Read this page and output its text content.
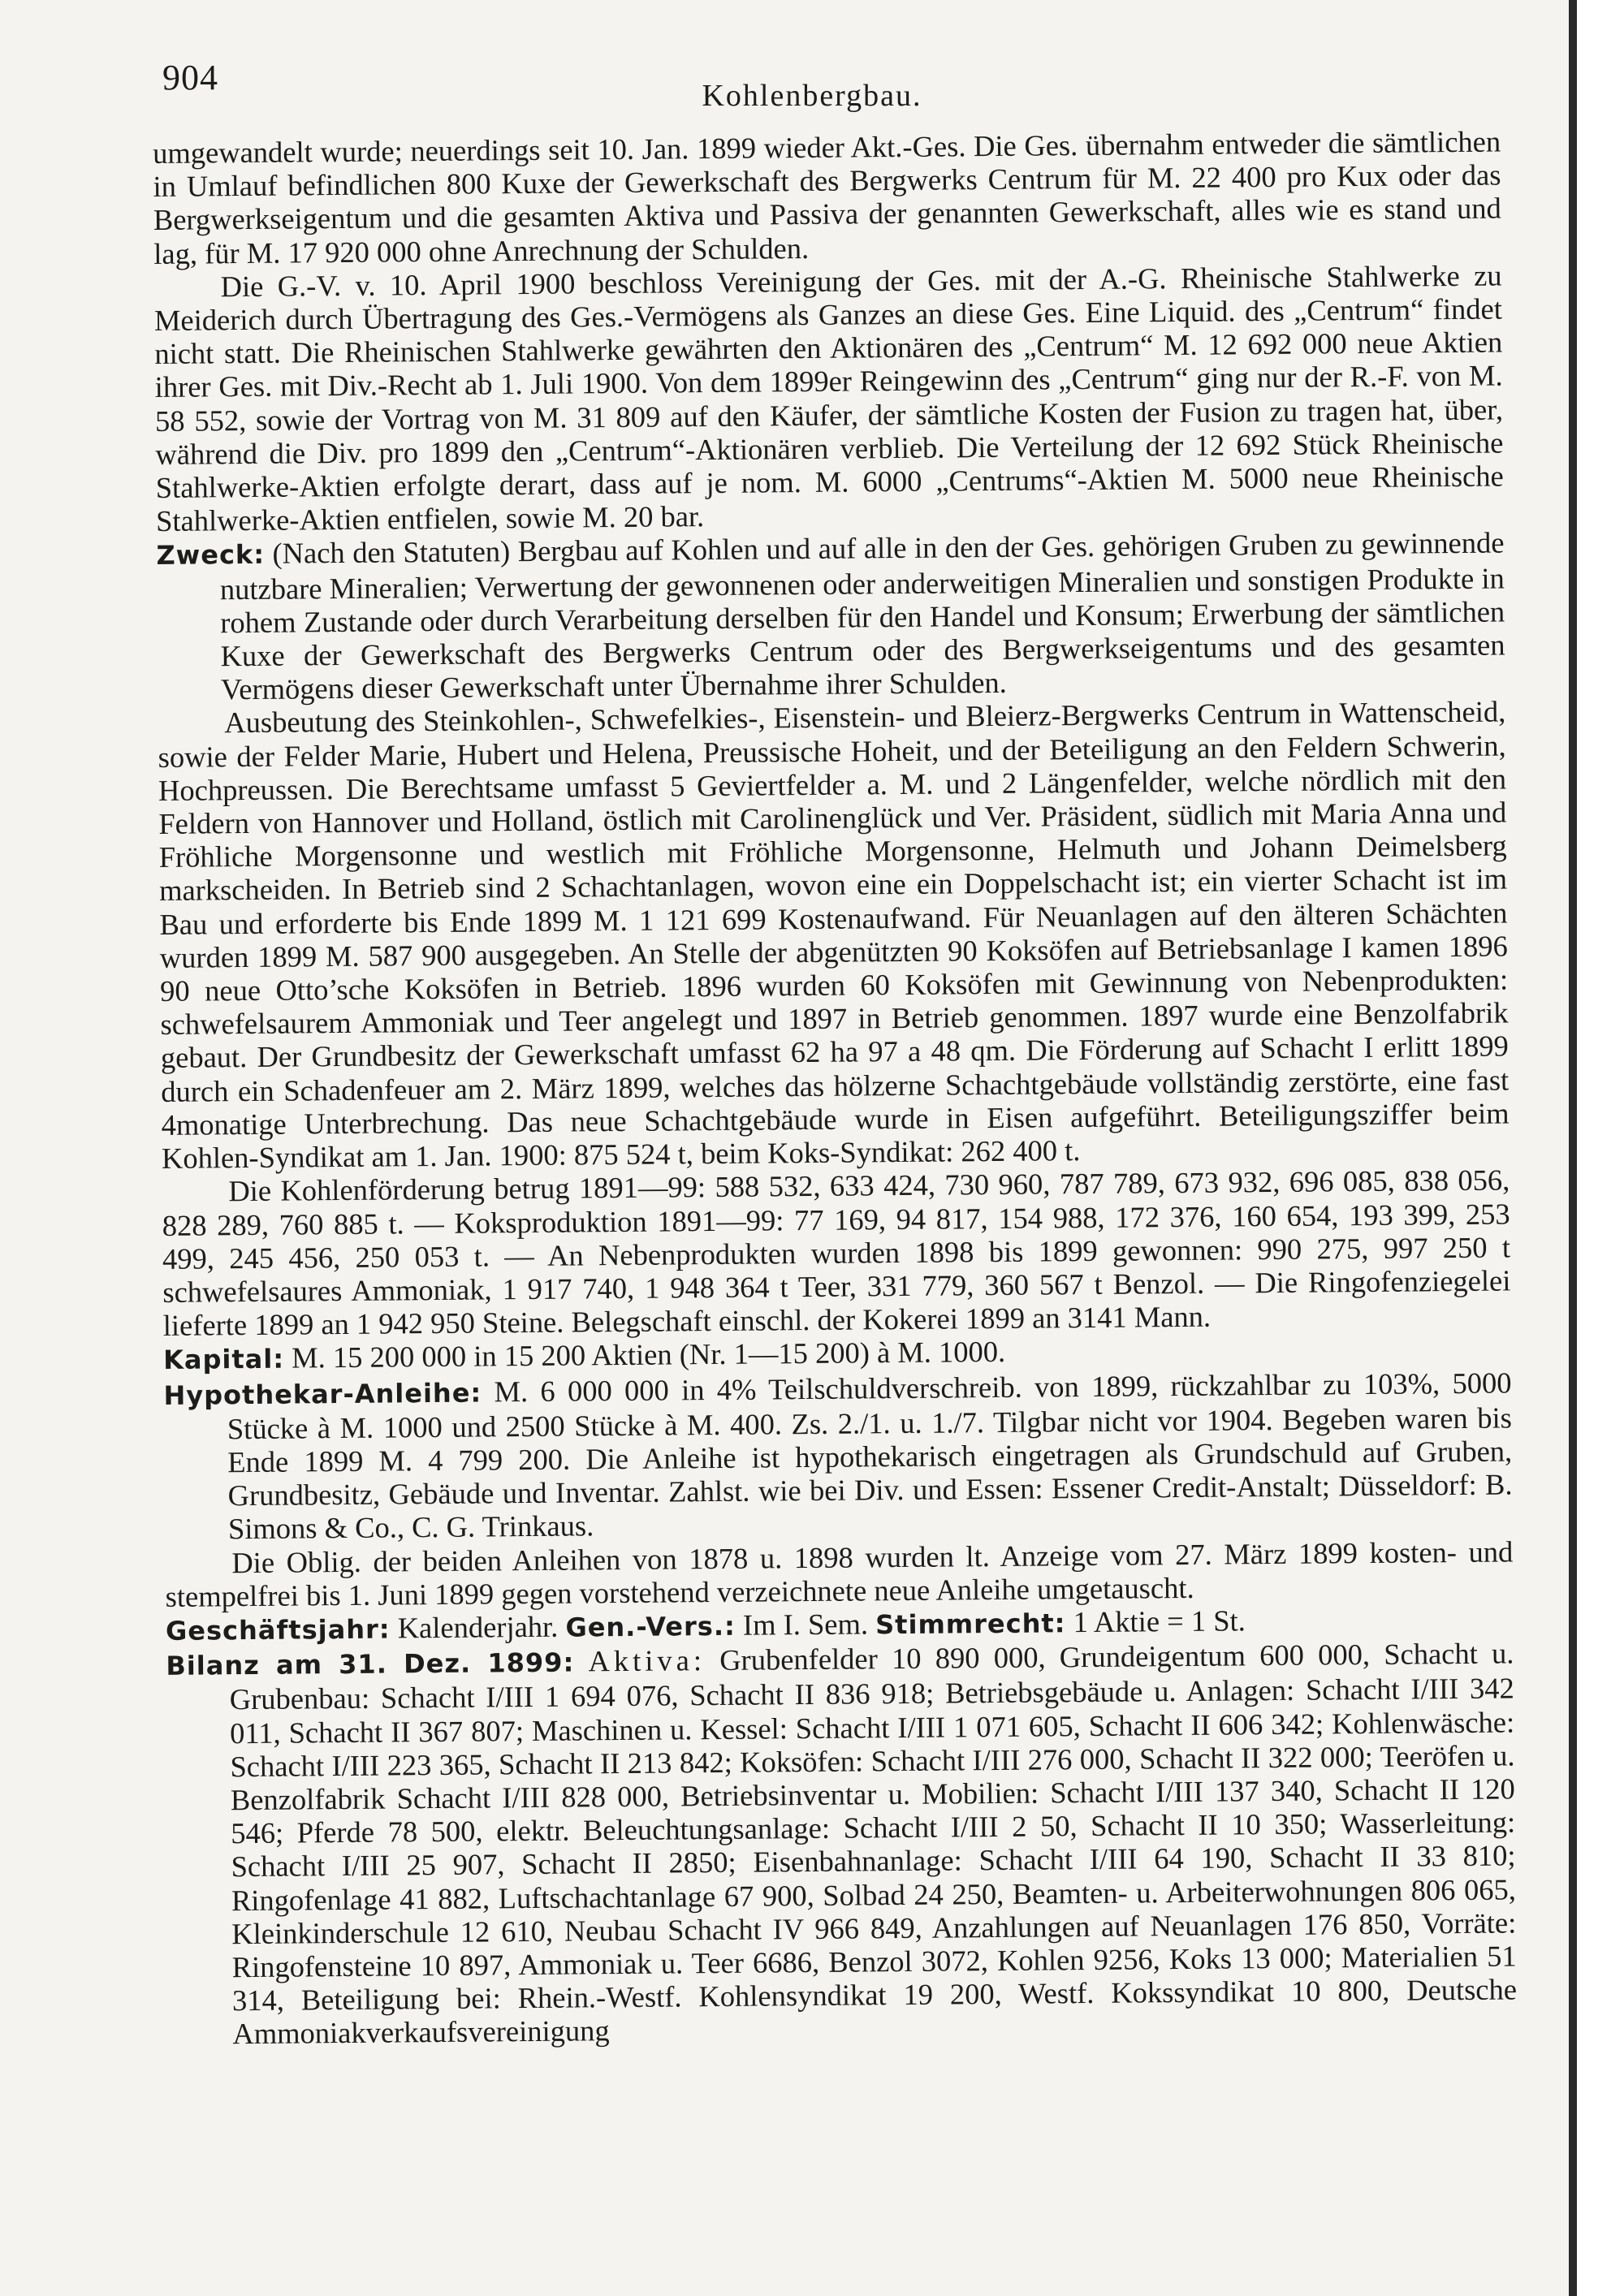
904	Kohlenbergbau.

umgewandelt wurde; neuerdings seit 10. Jan. 1899 wieder Akt.-Ges. Die Ges. übernahm entweder die sämtlichen in Umlauf befindlichen 800 Kuxe der Gewerkschaft des Bergwerks Centrum für M. 22 400 pro Kux oder das Bergwerkseigentum und die gesamten Aktiva und Passiva der genannten Gewerkschaft, alles wie es stand und lag, für M. 17 920 000 ohne Anrechnung der Schulden.

Die G.-V. v. 10. April 1900 beschloss Vereinigung der Ges. mit der A.-G. Rheinische Stahlwerke zu Meiderich durch Übertragung des Ges.-Vermögens als Ganzes an diese Ges. Eine Liquid. des „Centrum“ findet nicht statt. Die Rheinischen Stahlwerke gewährten den Aktionären des „Centrum“ M. 12 692 000 neue Aktien ihrer Ges. mit Div.-Recht ab 1. Juli 1900. Von dem 1899er Reingewinn des „Centrum“ ging nur der R.-F. von M. 58 552, sowie der Vortrag von M. 31 809 auf den Käufer, der sämtliche Kosten der Fusion zu tragen hat, über, während die Div. pro 1899 den „Centrum“-Aktionären verblieb. Die Verteilung der 12 692 Stück Rheinische Stahlwerke-Aktien erfolgte derart, dass auf je nom. M. 6000 „Centrums“-Aktien M. 5000 neue Rheinische Stahlwerke-Aktien entfielen, sowie M. 20 bar.

Zweck: (Nach den Statuten) Bergbau auf Kohlen und auf alle in den der Ges. gehörigen Gruben zu gewinnende nutzbare Mineralien; Verwertung der gewonnenen oder anderweitigen Mineralien und sonstigen Produkte in rohem Zustande oder durch Verarbeitung derselben für den Handel und Konsum; Erwerbung der sämtlichen Kuxe der Gewerkschaft des Bergwerks Centrum oder des Bergwerkseigentums und des gesamten Vermögens dieser Gewerkschaft unter Übernahme ihrer Schulden.

Ausbeutung des Steinkohlen-, Schwefelkies-, Eisenstein- und Bleierz-Bergwerks Centrum in Wattenscheid, sowie der Felder Marie, Hubert und Helena, Preussische Hoheit, und der Beteiligung an den Feldern Schwerin, Hochpreussen. Die Berechtsame umfasst 5 Geviertfelder a. M. und 2 Längenfelder, welche nördlich mit den Feldern von Hannover und Holland, östlich mit Carolinenglück und Ver. Präsident, südlich mit Maria Anna und Fröhliche Morgensonne und westlich mit Fröhliche Morgensonne, Helmuth und Johann Deimelsberg markscheiden. In Betrieb sind 2 Schachtanlagen, wovon eine ein Doppelschacht ist; ein vierter Schacht ist im Bau und erforderte bis Ende 1899 M. 1 121 699 Kostenaufwand. Für Neuanlagen auf den älteren Schächten wurden 1899 M. 587 900 ausgegeben. An Stelle der abgenützten 90 Koksöfen auf Betriebsanlage I kamen 1896 90 neue Otto’sche Koksöfen in Betrieb. 1896 wurden 60 Koksöfen mit Gewinnung von Nebenprodukten: schwefelsaurem Ammoniak und Teer angelegt und 1897 in Betrieb genommen. 1897 wurde eine Benzolfabrik gebaut. Der Grundbesitz der Gewerkschaft umfasst 62 ha 97 a 48 qm. Die Förderung auf Schacht I erlitt 1899 durch ein Schadenfeuer am 2. März 1899, welches das hölzerne Schachtgebäude vollständig zerstörte, eine fast 4monatige Unterbrechung. Das neue Schachtgebäude wurde in Eisen aufgeführt. Beteiligungsziffer beim Kohlen-Syndikat am 1. Jan. 1900: 875 524 t, beim Koks-Syndikat: 262 400 t.

Die Kohlenförderung betrug 1891—99: 588 532, 633 424, 730 960, 787 789, 673 932, 696 085, 838 056, 828 289, 760 885 t. — Koksproduktion 1891—99: 77 169, 94 817, 154 988, 172 376, 160 654, 193 399, 253 499, 245 456, 250 053 t. — An Nebenprodukten wurden 1898 bis 1899 gewonnen: 990 275, 997 250 t schwefelsaures Ammoniak, 1 917 740, 1 948 364 t Teer, 331 779, 360 567 t Benzol. — Die Ringofenziegelei lieferte 1899 an 1 942 950 Steine. Belegschaft einschl. der Kokerei 1899 an 3141 Mann.

Kapital: M. 15 200 000 in 15 200 Aktien (Nr. 1—15 200) à M. 1000.

Hypothekar-Anleihe: M. 6 000 000 in 4% Teilschuldverschreib. von 1899, rückzahlbar zu 103%, 5000 Stücke à M. 1000 und 2500 Stücke à M. 400. Zs. 2./1. u. 1./7. Tilgbar nicht vor 1904. Begeben waren bis Ende 1899 M. 4 799 200. Die Anleihe ist hypothekarisch eingetragen als Grundschuld auf Gruben, Grundbesitz, Gebäude und Inventar. Zahlst. wie bei Div. und Essen: Essener Credit-Anstalt; Düsseldorf: B. Simons & Co., C. G. Trinkaus.

Die Oblig. der beiden Anleihen von 1878 u. 1898 wurden lt. Anzeige vom 27. März 1899 kosten- und stempelfrei bis 1. Juni 1899 gegen vorstehend verzeichnete neue Anleihe umgetauscht.

Geschäftsjahr: Kalenderjahr. Gen.-Vers.: Im I. Sem. Stimmrecht: 1 Aktie = 1 St.

Bilanz am 31. Dez. 1899: Aktiva: Grubenfelder 10 890 000, Grundeigentum 600 000, Schacht u. Grubenbau: Schacht I/III 1 694 076, Schacht II 836 918; Betriebsgebäude u. Anlagen: Schacht I/III 342 011, Schacht II 367 807; Maschinen u. Kessel: Schacht I/III 1 071 605, Schacht II 606 342; Kohlenwäsche: Schacht I/III 223 365, Schacht II 213 842; Koksöfen: Schacht I/III 276 000, Schacht II 322 000; Teeröfen u. Benzolfabrik Schacht I/III 828 000, Betriebsinventar u. Mobilien: Schacht I/III 137 340, Schacht II 120 546; Pferde 78 500, elektr. Beleuchtungsanlage: Schacht I/III 2 50, Schacht II 10 350; Wasserleitung: Schacht I/III 25 907, Schacht II 2850; Eisenbahnanlage: Schacht I/III 64 190, Schacht II 33 810; Ringofenlage 41 882, Luftschachtanlage 67 900, Solbad 24 250, Beamten- u. Arbeiterwohnungen 806 065, Kleinkinderschule 12 610, Neubau Schacht IV 966 849, Anzahlungen auf Neuanlagen 176 850, Vorräte: Ringofensteine 10 897, Ammoniak u. Teer 6686, Benzol 3072, Kohlen 9256, Koks 13 000; Materialien 51 314, Beteiligung bei: Rhein.-Westf. Kohlensyndikat 19 200, Westf. Kokssyndikat 10 800, Deutsche Ammoniakverkaufsvereinigung
